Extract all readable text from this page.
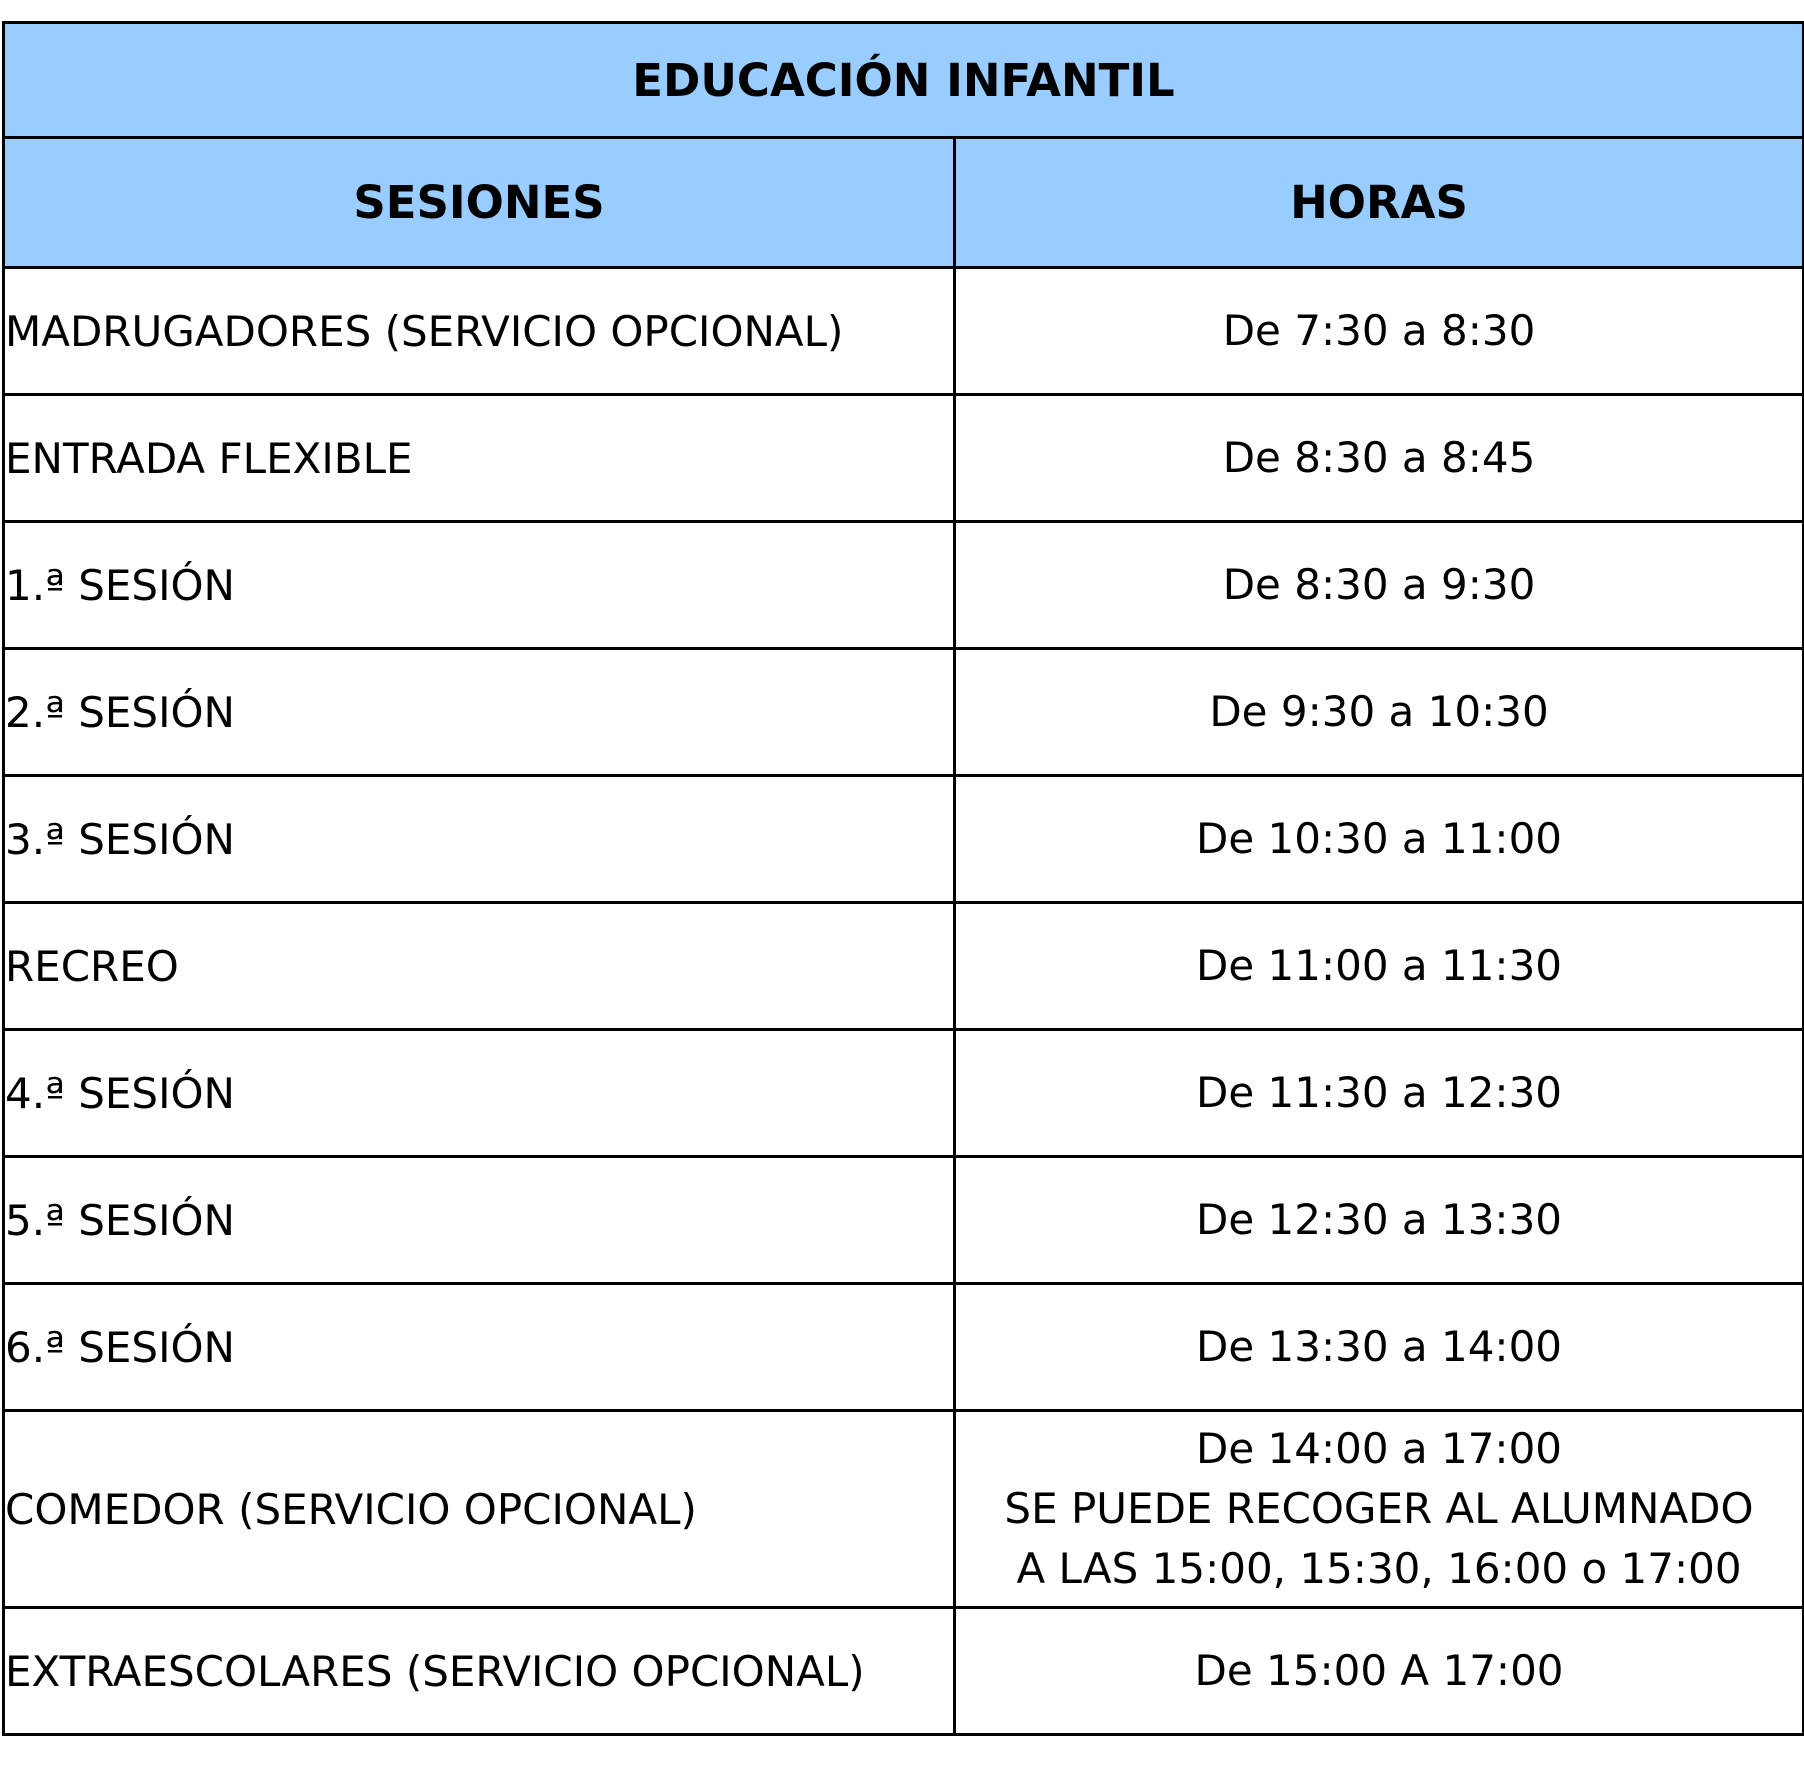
EDUCACIÓN INFANTIL	
SESIONES	HORAS
MADRUGADORES (SERVICIO OPCIONAL)	De 7:30 a 8:30

ENTRADA FLEXIBLE	De 8:30 a 8:45

1.ª SESIÓN	De 8:30 a 9:30

2.ª SESIÓN	De 9:30 a 10:30

3.ª SESIÓN	De 10:30 a 11:00

RECREO	De 11:00 a 11:30

4.ª SESIÓN	De 11:30 a 12:30

5.ª SESIÓN	De 12:30 a 13:30

6.ª SESIÓN	De 13:30 a 14:00

COMEDOR (SERVICIO OPCIONAL)	De 14:00 a 17:00
SE PUEDE RECOGER AL ALUMNADO
A LAS 15:00, 15:30, 16:00 o 17:00

EXTRAESCOLARES (SERVICIO OPCIONAL)	De 15:00 A 17:00
